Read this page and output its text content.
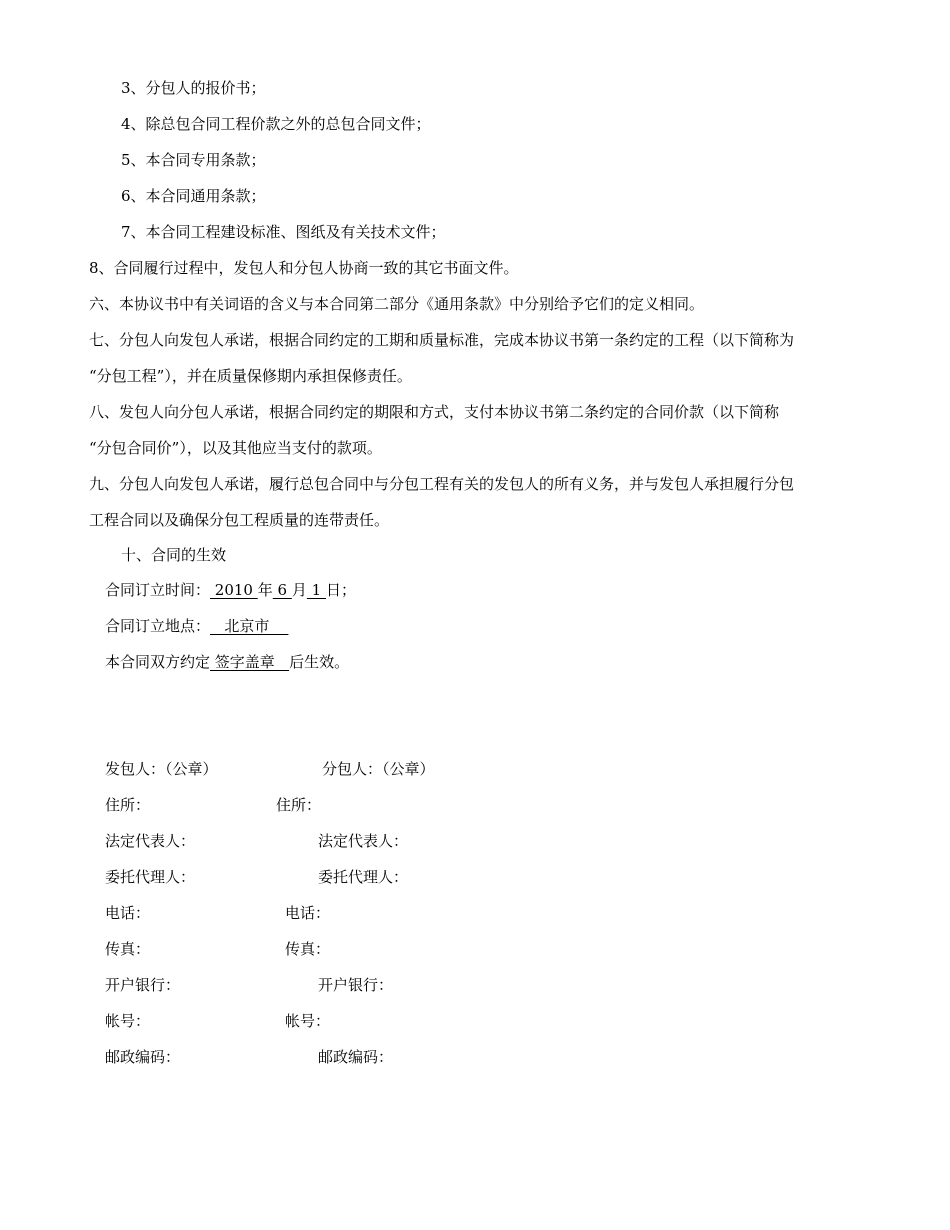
3、分包人的报价书；
4、除总包合同工程价款之外的总包合同文件；
5、本合同专用条款；
6、本合同通用条款；
7、本合同工程建设标准、图纸及有关技术文件；
8、合同履行过程中，发包人和分包人协商一致的其它书面文件。
六、本协议书中有关词语的含义与本合同第二部分《通用条款》中分别给予它们的定义相同。
七、分包人向发包人承诺，根据合同约定的工期和质量标准，完成本协议书第一条约定的工程（以下简称为
“分包工程”），并在质量保修期内承担保修责任。
八、发包人向分包人承诺，根据合同约定的期限和方式，支付本协议书第二条约定的合同价款（以下简称
“分包合同价”），以及其他应当支付的款项。
九、分包人向发包人承诺，履行总包合同中与分包工程有关的发包人的所有义务，并与发包人承担履行分包
工程合同以及确保分包工程质量的连带责任。
十、合同的生效
合同订立时间： 2010 年 6 月 1 日；
合同订立地点：   北京市
本合同双方约定 签字盖章   后生效。
发包人：（公章）
住所：
法定代表人：
委托代理人：
电话：
传真：
开户银行：
帐号：
邮政编码：
分包人：（公章）
住所：
法定代表人：
委托代理人：
电话：
传真：
开户银行：
帐号：
邮政编码：
